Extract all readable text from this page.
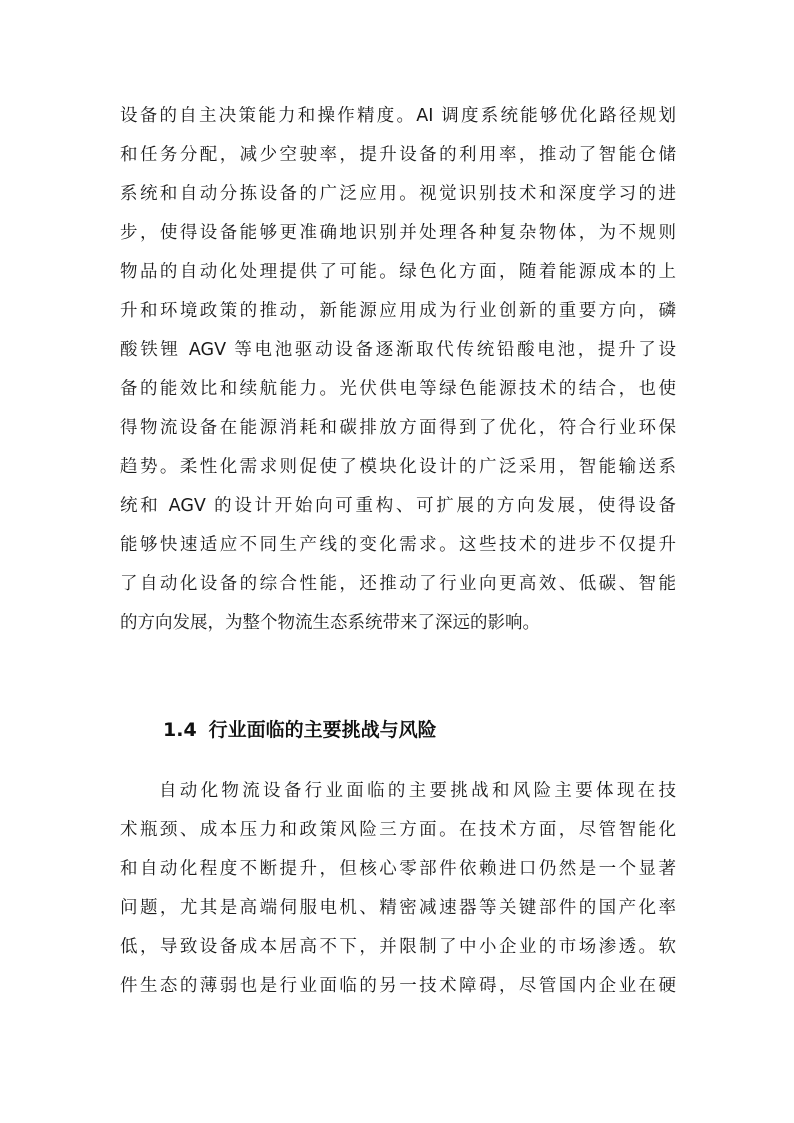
设备的自主决策能力和操作精度。AI 调度系统能够优化路径规划
和任务分配，减少空驶率，提升设备的利用率，推动了智能仓储
系统和自动分拣设备的广泛应用。视觉识别技术和深度学习的进
步，使得设备能够更准确地识别并处理各种复杂物体，为不规则
物品的自动化处理提供了可能。绿色化方面，随着能源成本的上
升和环境政策的推动，新能源应用成为行业创新的重要方向，磷
酸铁锂 AGV 等电池驱动设备逐渐取代传统铅酸电池，提升了设
备的能效比和续航能力。光伏供电等绿色能源技术的结合，也使
得物流设备在能源消耗和碳排放方面得到了优化，符合行业环保
趋势。柔性化需求则促使了模块化设计的广泛采用，智能输送系
统和 AGV 的设计开始向可重构、可扩展的方向发展，使得设备
能够快速适应不同生产线的变化需求。这些技术的进步不仅提升
了自动化设备的综合性能，还推动了行业向更高效、低碳、智能
的方向发展，为整个物流生态系统带来了深远的影响。
1.4 行业面临的主要挑战与风险
自动化物流设备行业面临的主要挑战和风险主要体现在技
术瓶颈、成本压力和政策风险三方面。在技术方面，尽管智能化
和自动化程度不断提升，但核心零部件依赖进口仍然是一个显著
问题，尤其是高端伺服电机、精密减速器等关键部件的国产化率
低，导致设备成本居高不下，并限制了中小企业的市场渗透。软
件生态的薄弱也是行业面临的另一技术障碍，尽管国内企业在硬
